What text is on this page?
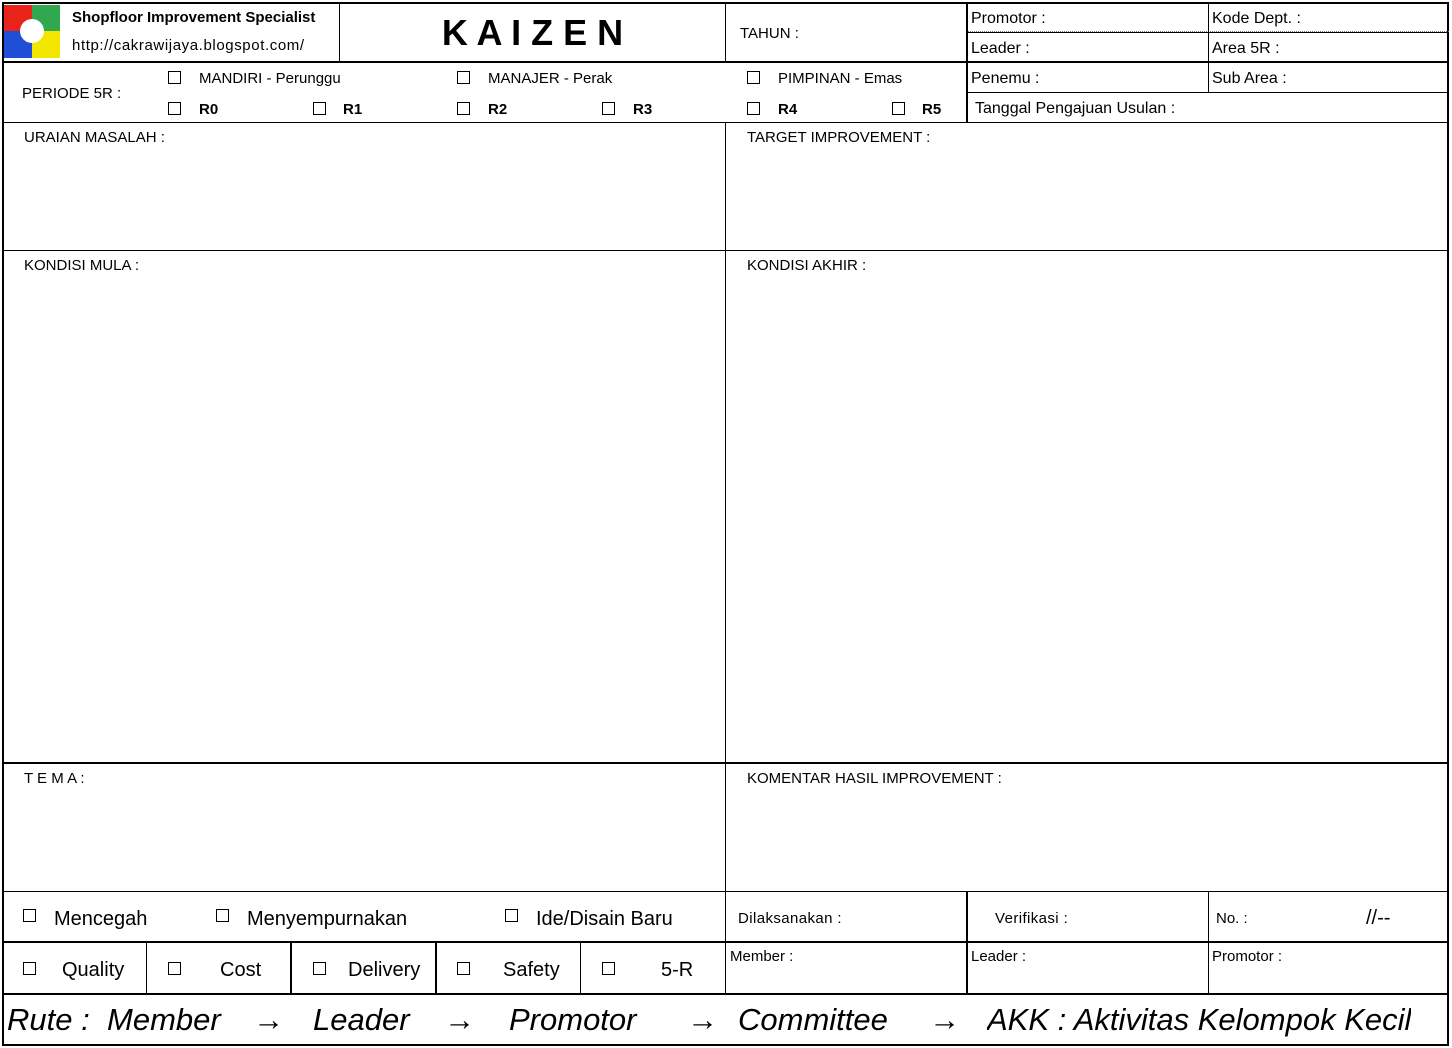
Shopfloor Improvement Specialist
http://cakrawijaya.blogspot.com/	K A I Z E N	TAHUN :
Promotor :	Kode Dept. :
Leader :	Area 5R :
Penemu :	Sub Area :
Tanggal Pengajuan Usulan :
PERIODE 5R :
MANDIRI - Perunggu	MANAJER - Perak	PIMPINAN - Emas
R0	R1	R2	R3	R4	R5
URAIAN MASALAH :	TARGET IMPROVEMENT :
KONDISI MULA :	KONDISI AKHIR :
T E M A :	KOMENTAR HASIL IMPROVEMENT :
Mencegah	Menyempurnakan	Ide/Disain Baru	Dilaksanakan :	Verifikasi :	No. :	//--
Member :	Leader :	Promotor :
Quality	Cost	Delivery	Safety	5-R
Rute : Member → Leader → Promotor → Committee → AKK : Aktivitas Kelompok Kecil
